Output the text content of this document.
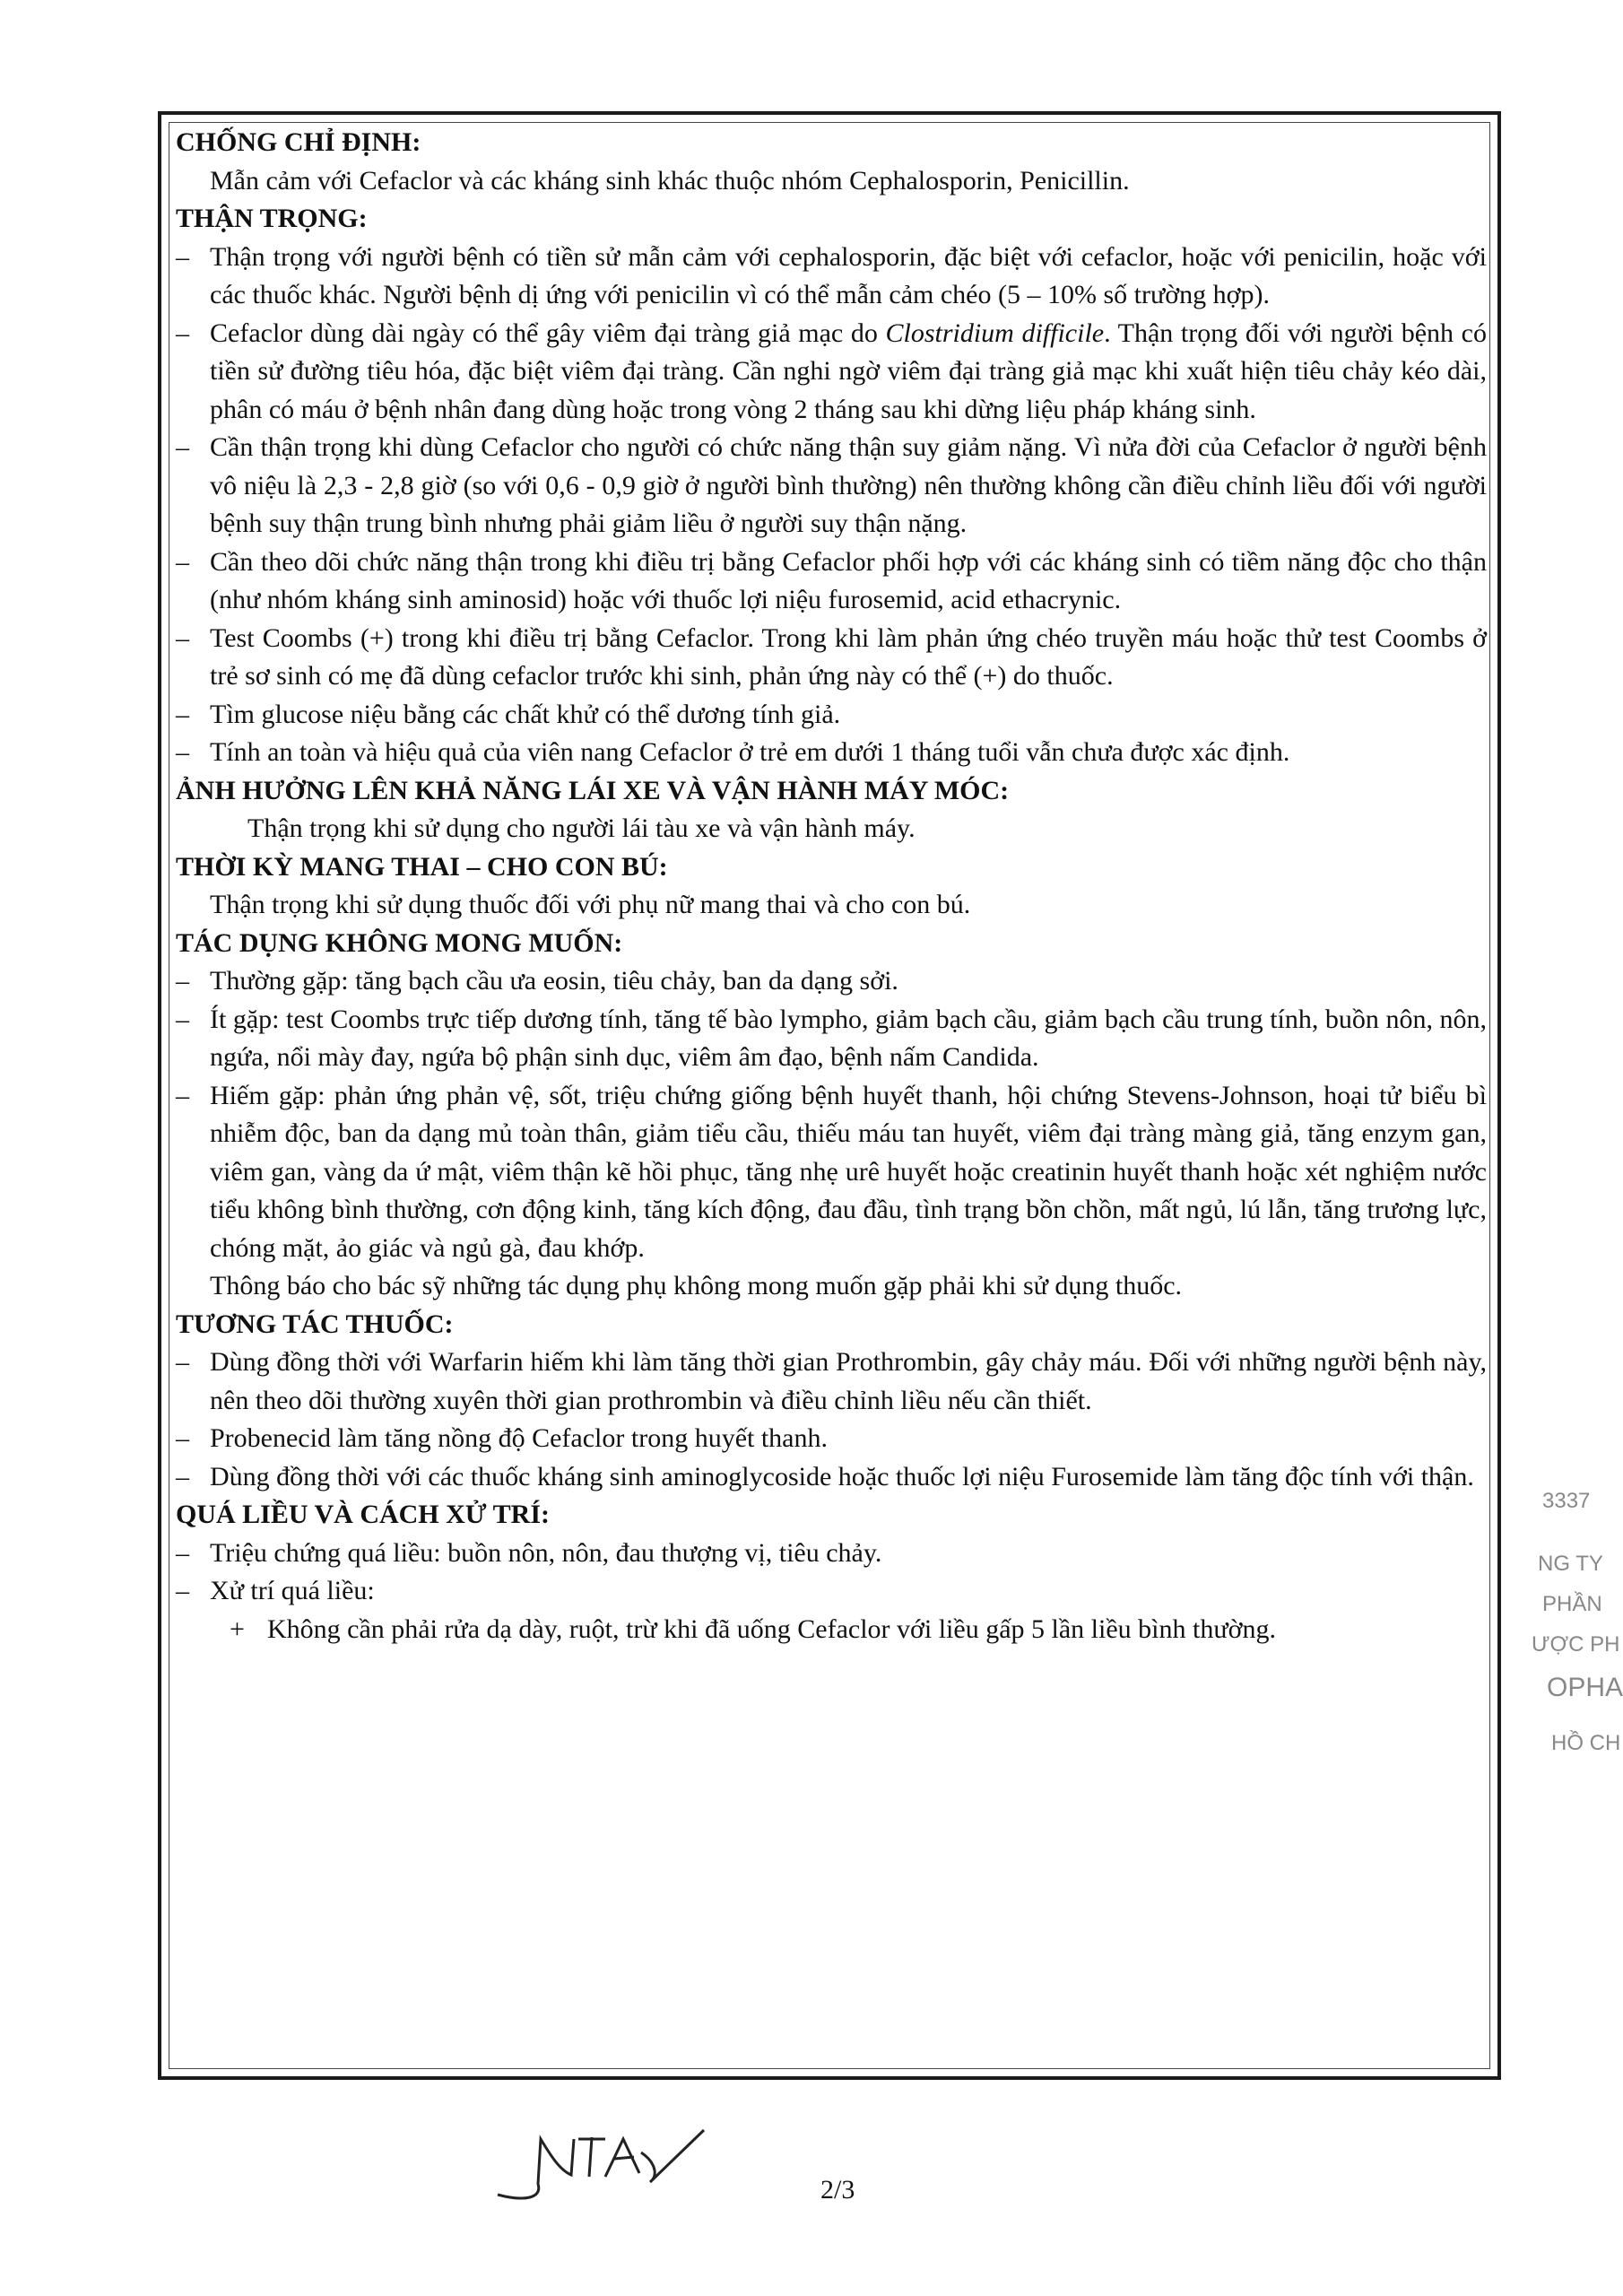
CHỐNG CHỈ ĐỊNH:
Mẫn cảm với Cefaclor và các kháng sinh khác thuộc nhóm Cephalosporin, Penicillin.
THẬN TRỌNG:
– Thận trọng với người bệnh có tiền sử mẫn cảm với cephalosporin, đặc biệt với cefaclor, hoặc với penicilin, hoặc với các thuốc khác. Người bệnh dị ứng với penicilin vì có thể mẫn cảm chéo (5 – 10% số trường hợp).
– Cefaclor dùng dài ngày có thể gây viêm đại tràng giả mạc do Clostridium difficile. Thận trọng đối với người bệnh có tiền sử đường tiêu hóa, đặc biệt viêm đại tràng. Cần nghi ngờ viêm đại tràng giả mạc khi xuất hiện tiêu chảy kéo dài, phân có máu ở bệnh nhân đang dùng hoặc trong vòng 2 tháng sau khi dừng liệu pháp kháng sinh.
– Cần thận trọng khi dùng Cefaclor cho người có chức năng thận suy giảm nặng. Vì nửa đời của Cefaclor ở người bệnh vô niệu là 2,3 - 2,8 giờ (so với 0,6 - 0,9 giờ ở người bình thường) nên thường không cần điều chỉnh liều đối với người bệnh suy thận trung bình nhưng phải giảm liều ở người suy thận nặng.
– Cần theo dõi chức năng thận trong khi điều trị bằng Cefaclor phối hợp với các kháng sinh có tiềm năng độc cho thận (như nhóm kháng sinh aminosid) hoặc với thuốc lợi niệu furosemid, acid ethacrynic.
– Test Coombs (+) trong khi điều trị bằng Cefaclor. Trong khi làm phản ứng chéo truyền máu hoặc thử test Coombs ở trẻ sơ sinh có mẹ đã dùng cefaclor trước khi sinh, phản ứng này có thể (+) do thuốc.
– Tìm glucose niệu bằng các chất khử có thể dương tính giả.
– Tính an toàn và hiệu quả của viên nang Cefaclor ở trẻ em dưới 1 tháng tuổi vẫn chưa được xác định.
ẢNH HƯỞNG LÊN KHẢ NĂNG LÁI XE VÀ VẬN HÀNH MÁY MÓC:
Thận trọng khi sử dụng cho người lái tàu xe và vận hành máy.
THỜI KỲ MANG THAI – CHO CON BÚ:
Thận trọng khi sử dụng thuốc đối với phụ nữ mang thai và cho con bú.
TÁC DỤNG KHÔNG MONG MUỐN:
– Thường gặp: tăng bạch cầu ưa eosin, tiêu chảy, ban da dạng sởi.
– Ít gặp: test Coombs trực tiếp dương tính, tăng tế bào lympho, giảm bạch cầu, giảm bạch cầu trung tính, buồn nôn, nôn, ngứa, nổi mày đay, ngứa bộ phận sinh dục, viêm âm đạo, bệnh nấm Candida.
– Hiếm gặp: phản ứng phản vệ, sốt, triệu chứng giống bệnh huyết thanh, hội chứng Stevens-Johnson, hoại tử biểu bì nhiễm độc, ban da dạng mủ toàn thân, giảm tiểu cầu, thiếu máu tan huyết, viêm đại tràng màng giả, tăng enzym gan, viêm gan, vàng da ứ mật, viêm thận kẽ hồi phục, tăng nhẹ urê huyết hoặc creatinin huyết thanh hoặc xét nghiệm nước tiểu không bình thường, cơn động kinh, tăng kích động, đau đầu, tình trạng bồn chồn, mất ngủ, lú lẫn, tăng trương lực, chóng mặt, ảo giác và ngủ gà, đau khớp.
Thông báo cho bác sỹ những tác dụng phụ không mong muốn gặp phải khi sử dụng thuốc.
TƯƠNG TÁC THUỐC:
– Dùng đồng thời với Warfarin hiếm khi làm tăng thời gian Prothrombin, gây chảy máu. Đối với những người bệnh này, nên theo dõi thường xuyên thời gian prothrombin và điều chỉnh liều nếu cần thiết.
– Probenecid làm tăng nồng độ Cefaclor trong huyết thanh.
– Dùng đồng thời với các thuốc kháng sinh aminoglycoside hoặc thuốc lợi niệu Furosemide làm tăng độc tính với thận.
QUÁ LIỀU VÀ CÁCH XỬ TRÍ:
– Triệu chứng quá liều: buồn nôn, nôn, đau thượng vị, tiêu chảy.
– Xử trí quá liều:
+ Không cần phải rửa dạ dày, ruột, trừ khi đã uống Cefaclor với liều gấp 5 lần liều bình thường.
2/3
3337
NG TY
PHẦN
ƯỢC PH
OPHA
HỒ CH
